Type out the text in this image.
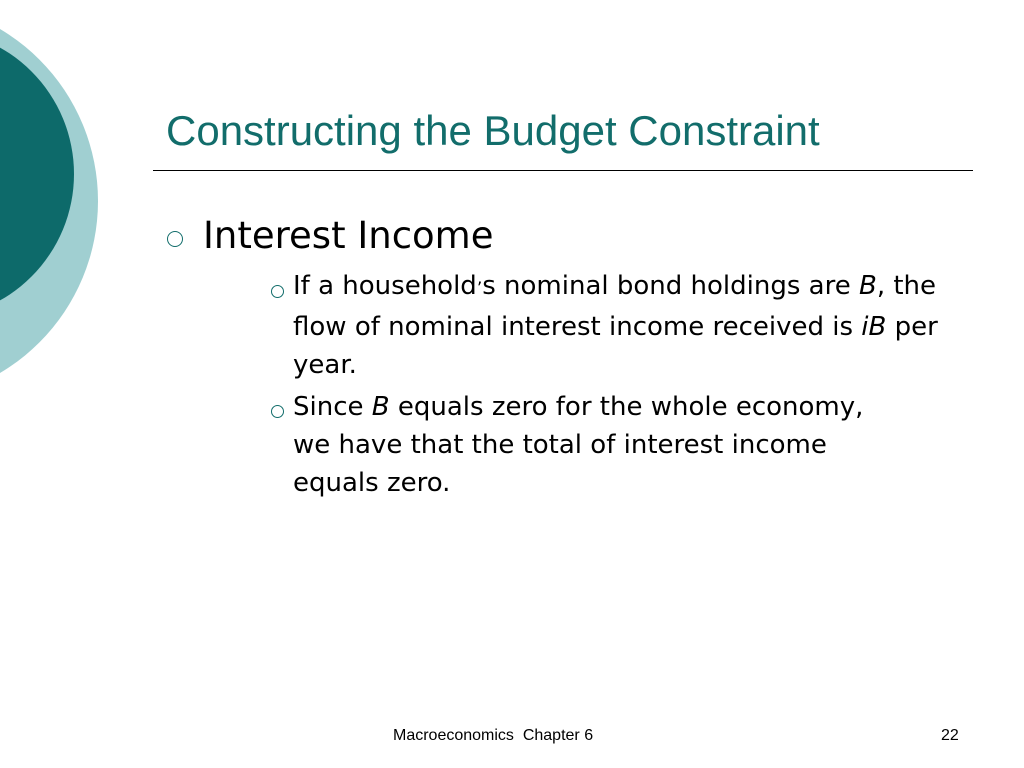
Constructing the Budget Constraint
Interest Income
If a household’s nominal bond holdings are B, the flow of nominal interest income received is iB per year.
Since B equals zero for the whole economy, we have that the total of interest income equals zero.
Macroeconomics  Chapter 6	22
